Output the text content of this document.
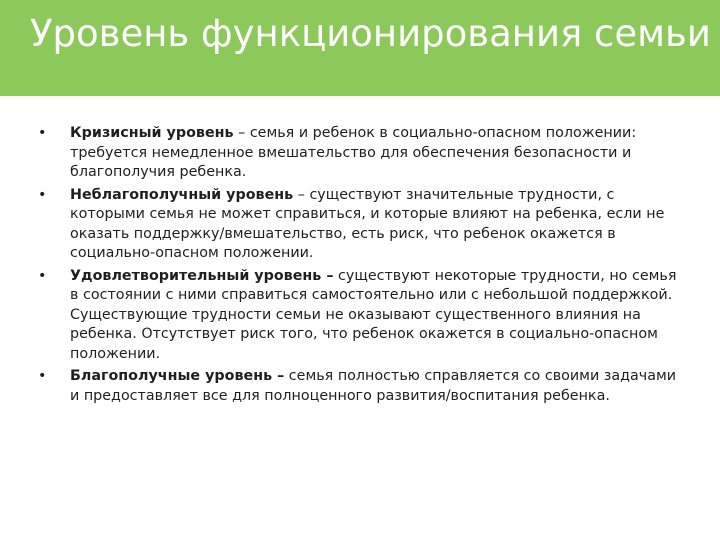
Уровень функционирования семьи
• Кризисный уровень – семья и ребенок в социально-опасном положении: требуется немедленное вмешательство для обеспечения безопасности и благополучия ребенка.
• Неблагополучный уровень – существуют значительные трудности, с которыми семья не может справиться, и которые влияют на ребенка, если не оказать поддержку/вмешательство, есть риск, что ребенок окажется в социально-опасном положении.
• Удовлетворительный уровень – существуют некоторые трудности, но семья в состоянии с ними справиться самостоятельно или с небольшой поддержкой. Существующие трудности семьи не оказывают существенного влияния на ребенка. Отсутствует риск того, что ребенок окажется в социально-опасном положении.
• Благополучные уровень – семья полностью справляется со своими задачами и предоставляет все для полноценного развития/воспитания ребенка.
